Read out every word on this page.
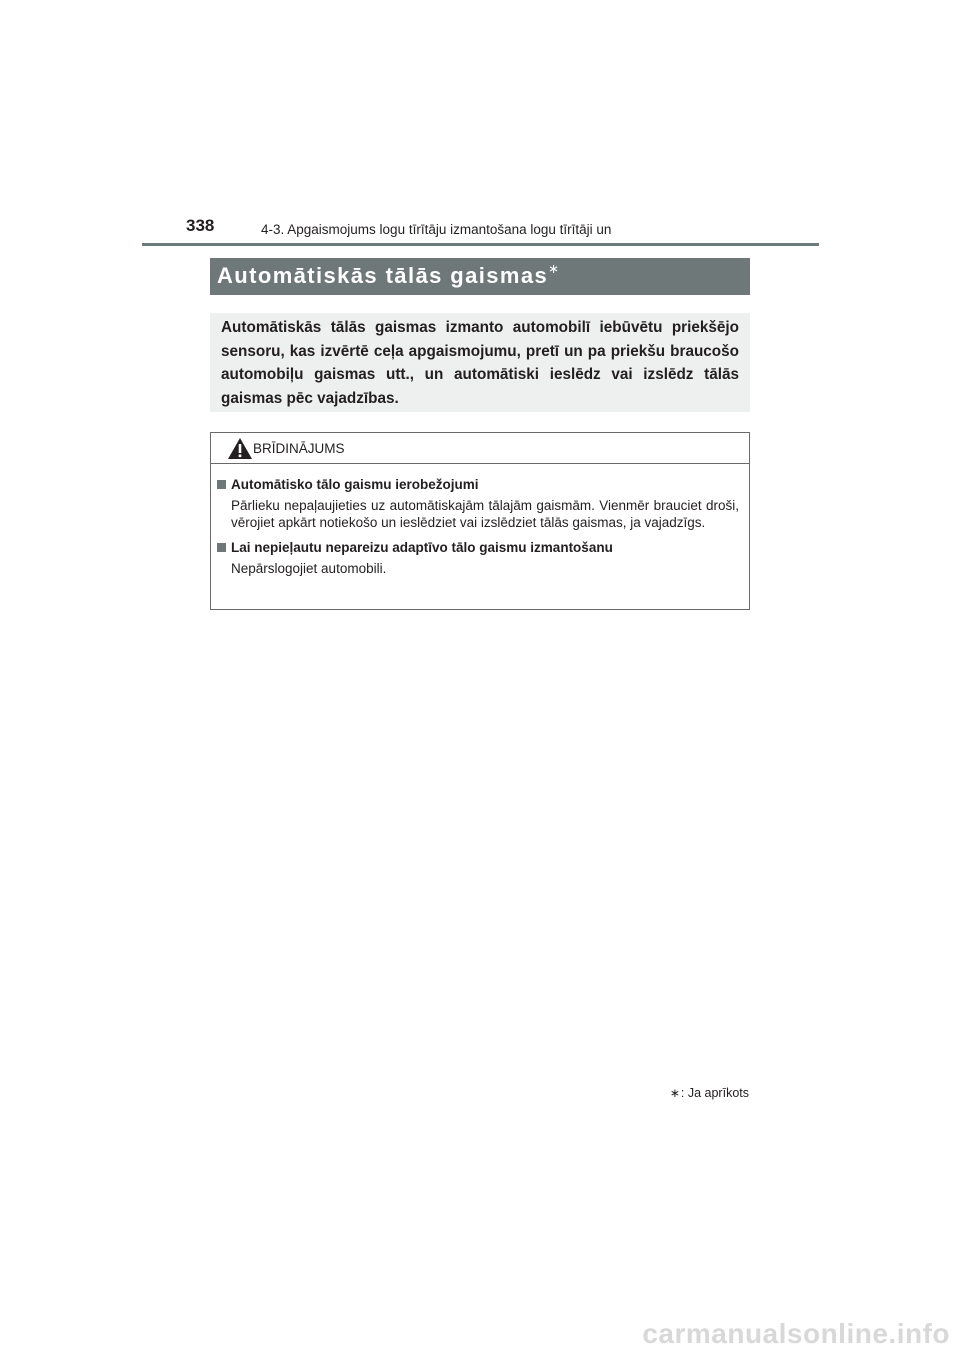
338	4-3. Apgaismojums logu tīrītāju izmantošana logu tīrītāji un
Automātiskās tālās gaismas∗

Automātiskās tālās gaismas izmanto automobilī iebūvētu priekšējo sensoru, kas izvērtē ceļa apgaismojumu, pretī un pa priekšu braucošo automobiļu gaismas utt., un automātiski ieslēdz vai izslēdz tālās gaismas pēc vajadzības.

BRĪDINĀJUMS
Automātisko tālo gaismu ierobežojumi

Pārlieku nepaļaujieties uz automātiskajām tālajām gaismām. Vienmēr brauciet droši, vērojiet apkārt notiekošo un ieslēdziet vai izslēdziet tālās gaismas, ja vajadzīgs.

Lai nepieļautu nepareizu adaptīvo tālo gaismu izmantošanu

Nepārslogojiet automobili.

∗ : Ja aprīkots
carmanualsonline.info
